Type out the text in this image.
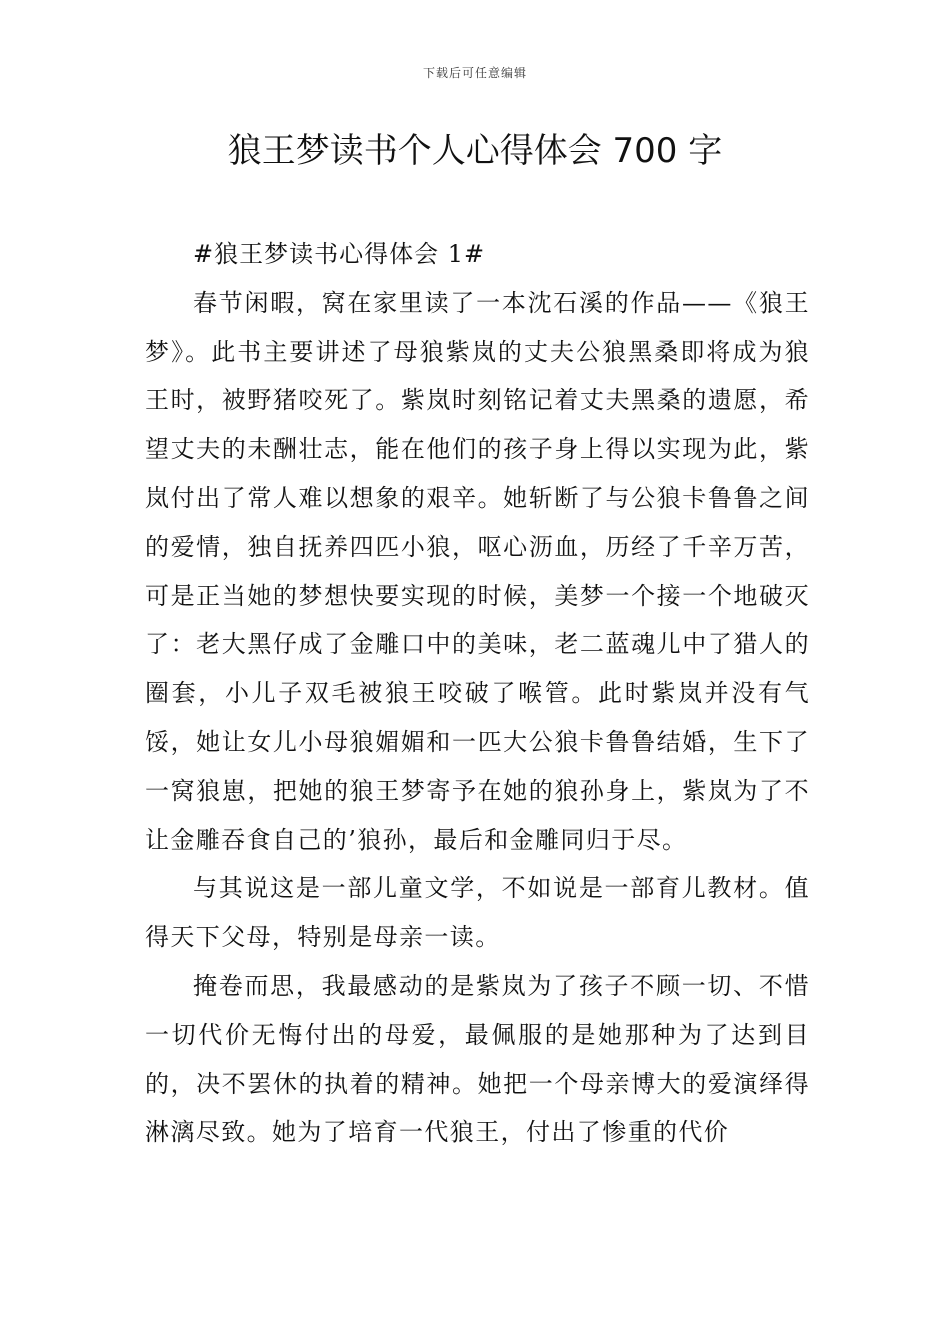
下载后可任意编辑
狼王梦读书个人心得体会 700 字

#狼王梦读书心得体会 1#

春节闲暇，窝在家里读了一本沈石溪的作品——《狼王梦》。此书主要讲述了母狼紫岚的丈夫公狼黑桑即将成为狼王时，被野猪咬死了。紫岚时刻铭记着丈夫黑桑的遗愿，希望丈夫的未酬壮志，能在他们的孩子身上得以实现为此，紫岚付出了常人难以想象的艰辛。她斩断了与公狼卡鲁鲁之间的爱情，独自抚养四匹小狼，呕心沥血，历经了千辛万苦，可是正当她的梦想快要实现的时候，美梦一个接一个地破灭了：老大黑仔成了金雕口中的美味，老二蓝魂儿中了猎人的圈套，小儿子双毛被狼王咬破了喉管。此时紫岚并没有气馁，她让女儿小母狼媚媚和一匹大公狼卡鲁鲁结婚，生下了一窝狼崽，把她的狼王梦寄予在她的狼孙身上，紫岚为了不让金雕吞食自己的’狼孙，最后和金雕同归于尽。

与其说这是一部儿童文学，不如说是一部育儿教材。值得天下父母，特别是母亲一读。

掩卷而思，我最感动的是紫岚为了孩子不顾一切、不惜一切代价无悔付出的母爱，最佩服的是她那种为了达到目的，决不罢休的执着的精神。她把一个母亲博大的爱演绎得淋漓尽致。她为了培育一代狼王，付出了惨重的代价
